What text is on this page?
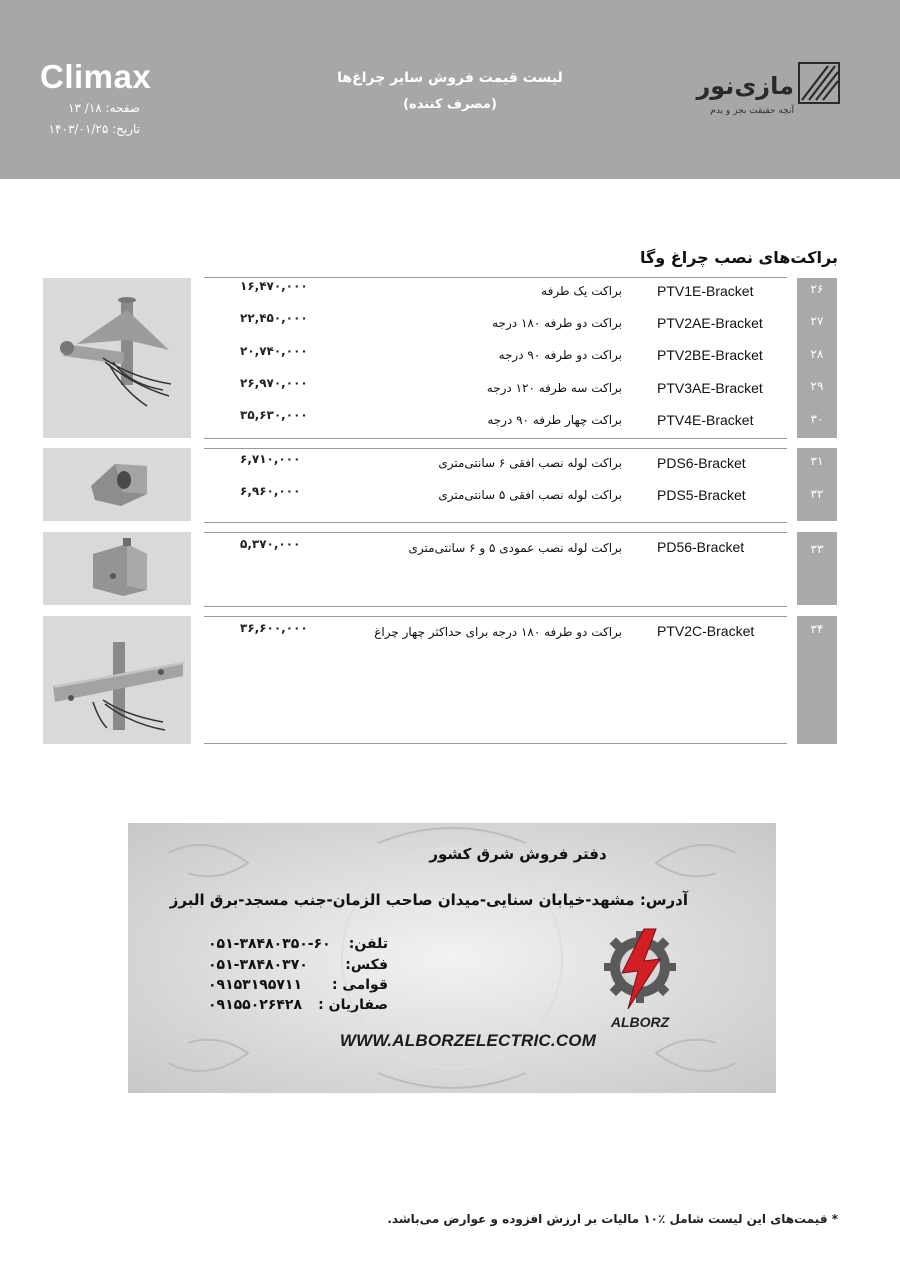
Climax
صفحه: ۱۸/ ۱۳
تاریخ: ۱۴۰۳/۰۱/۲۵
لیست قیمت فروش سایر چراغ‌ها
(مصرف کننده)
مازی‌نور
آنچه حقیقت بجز و یدم
براکت‌های نصب چراغ وگا
۲۶
۲۷
۲۸
۲۹
۳۰
PTV1E-Bracket
براکت یک طرفه
۱۶,۴۷۰,۰۰۰
PTV2AE-Bracket
براکت دو طرفه ۱۸۰ درجه
۲۲,۴۵۰,۰۰۰
PTV2BE-Bracket
براکت دو طرفه ۹۰ درجه
۲۰,۷۴۰,۰۰۰
PTV3AE-Bracket
براکت سه طرفه ۱۲۰ درجه
۲۶,۹۷۰,۰۰۰
PTV4E-Bracket
براکت چهار طرفه ۹۰ درجه
۳۵,۶۳۰,۰۰۰
۳۱
۳۲
PDS6-Bracket
براکت لوله نصب افقی ۶ سانتی‌متری
۶,۷۱۰,۰۰۰
PDS5-Bracket
براکت لوله نصب افقی ۵ سانتی‌متری
۶,۹۶۰,۰۰۰
۳۳
PD56-Bracket
براکت لوله نصب عمودی ۵ و ۶ سانتی‌متری
۵,۳۷۰,۰۰۰
۳۴
PTV2C-Bracket
براکت دو طرفه ۱۸۰ درجه برای حداکثر چهار چراغ
۳۶,۶۰۰,۰۰۰
دفتر فروش شرق کشور
آدرس: مشهد-خیابان سنایی-میدان صاحب الزمان-جنب مسجد-برق البرز
تلفن:
۰۵۱-۳۸۴۸۰۳۵۰-۶۰
فکس:
۰۵۱-۳۸۴۸۰۳۷۰
قوامی :
۰۹۱۵۳۱۹۵۷۱۱
صفاریان :
۰۹۱۵۵۰۲۶۴۲۸
ALBORZ
WWW.ALBORZELECTRIC.COM
* قیمت‌های این لیست شامل ٪۱۰ مالیات بر ارزش افزوده و عوارض می‌باشد.
